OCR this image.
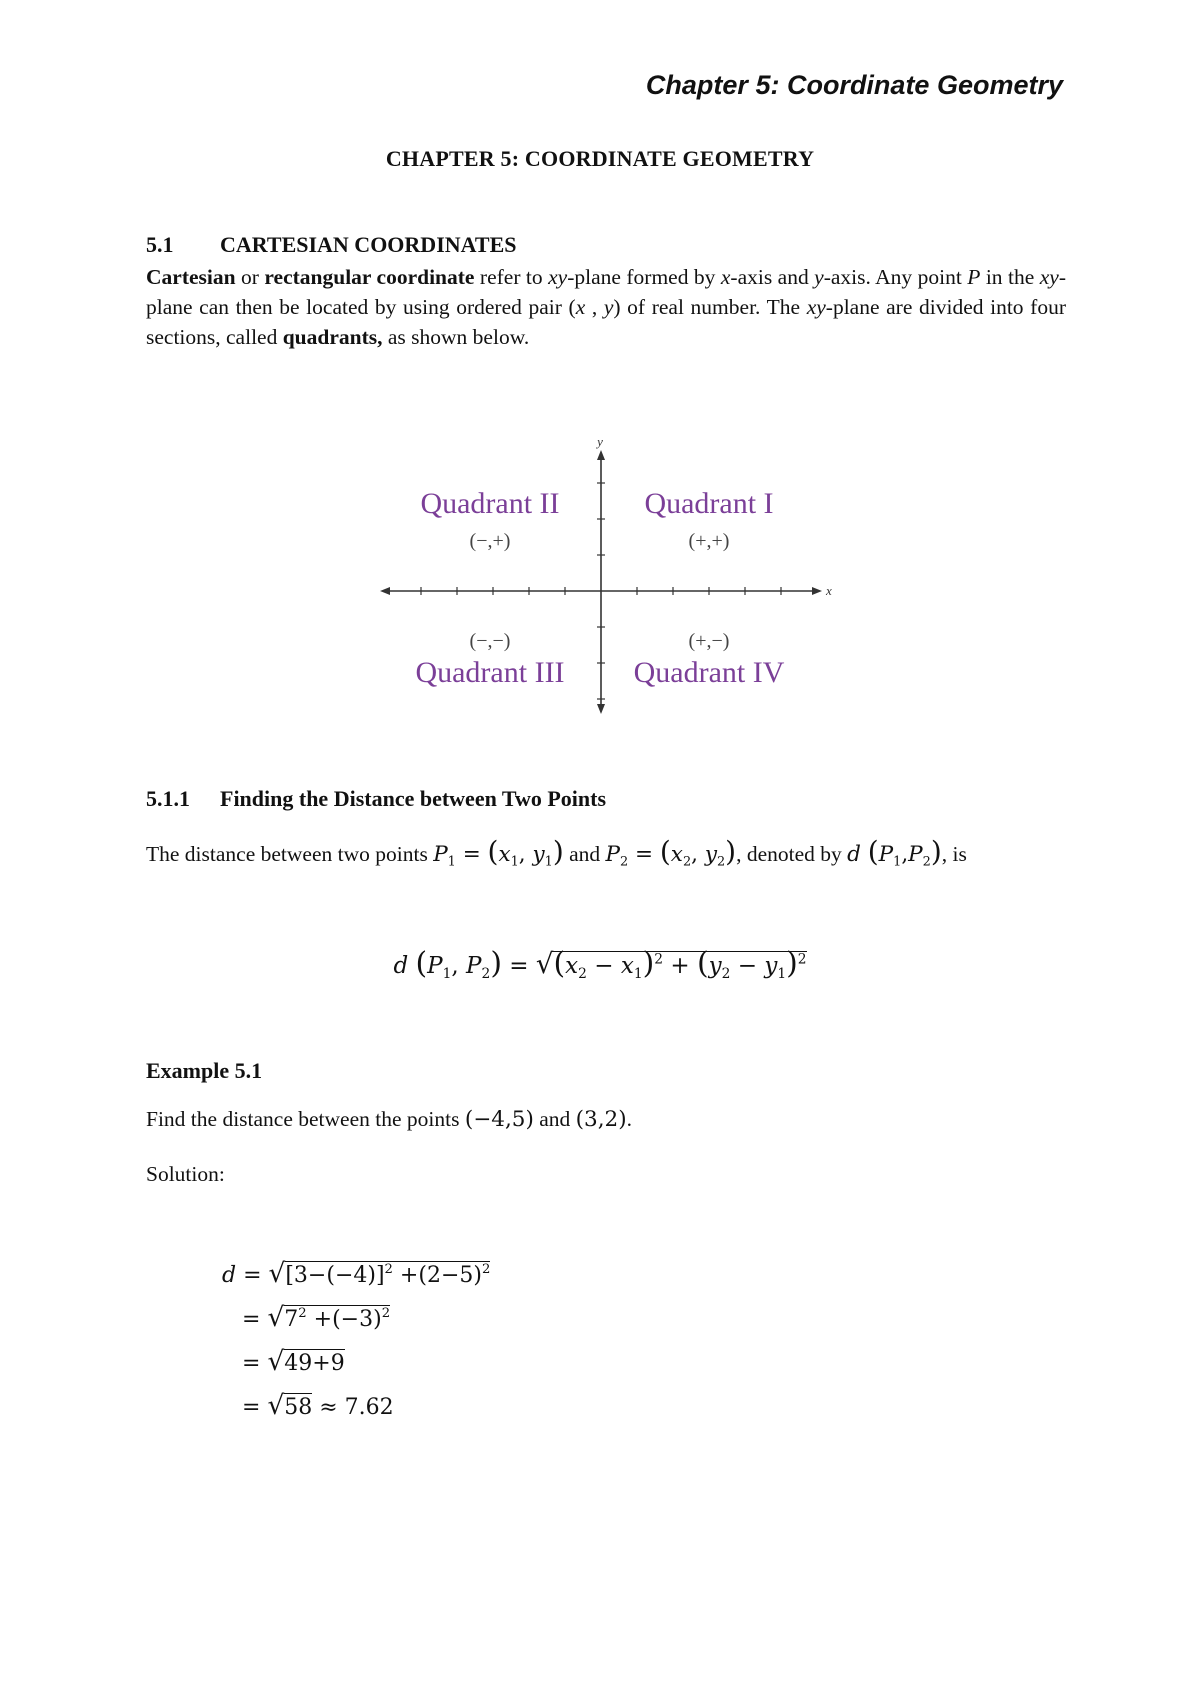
Chapter 5: Coordinate Geometry
CHAPTER 5: COORDINATE GEOMETRY
5.1 CARTESIAN COORDINATES
Cartesian or rectangular coordinate refer to xy-plane formed by x-axis and y-axis. Any point P in the xy-plane can then be located by using ordered pair (x , y) of real number. The xy-plane are divided into four sections, called quadrants, as shown below.
y
x
Quadrant II
(−,+)
Quadrant I
(+,+)
(−,−)
Quadrant III
(+,−)
Quadrant IV
5.1.1 Finding the Distance between Two Points
The distance between two points $P_1 = (x_1$, $y_1$) and $P_2 = (x_2$, $y_2$), denoted by d $(P_1,P_2)$, is
d ($P_1$, $P_2) = √(x_2 - x_1)^2 + (y_2 - y_1)^2$
Example 5.1
Find the distance between the points (−4,5) and (3,2).
Solution:
$d = √[3-(-4)]^2 +(2-5)^2$
= $√7^2 +(-3)^2$
= √49+9
= √58 ≈ 7.62
